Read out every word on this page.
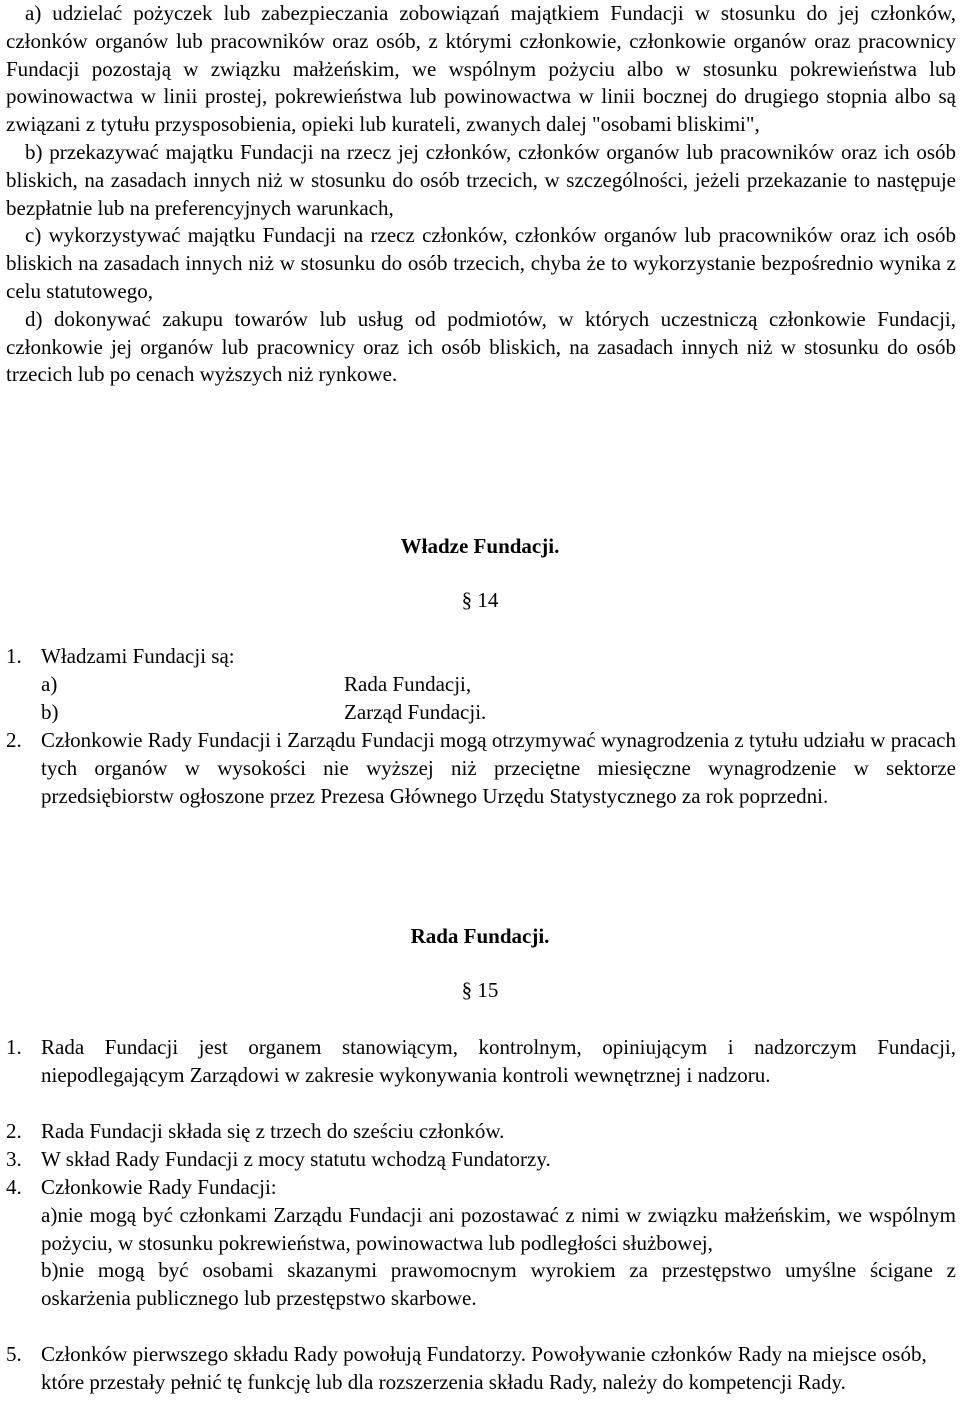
a) udzielać pożyczek lub zabezpieczania zobowiązań majątkiem Fundacji w stosunku do jej członków, członków organów lub pracowników oraz osób, z którymi członkowie, członkowie organów oraz pracownicy Fundacji pozostają w związku małżeńskim, we wspólnym pożyciu albo w stosunku pokrewieństwa lub powinowactwa w linii prostej, pokrewieństwa lub powinowactwa w linii bocznej do drugiego stopnia albo są związani z tytułu przysposobienia, opieki lub kurateli, zwanych dalej "osobami bliskimi",

b) przekazywać majątku Fundacji na rzecz jej członków, członków organów lub pracowników oraz ich osób bliskich, na zasadach innych niż w stosunku do osób trzecich, w szczególności, jeżeli przekazanie to następuje bezpłatnie lub na preferencyjnych warunkach,

c) wykorzystywać majątku Fundacji na rzecz członków, członków organów lub pracowników oraz ich osób bliskich na zasadach innych niż w stosunku do osób trzecich, chyba że to wykorzystanie bezpośrednio wynika z celu statutowego,

d) dokonywać zakupu towarów lub usług od podmiotów, w których uczestniczą członkowie Fundacji, członkowie jej organów lub pracownicy oraz ich osób bliskich, na zasadach innych niż w stosunku do osób trzecich lub po cenach wyższych niż rynkowe.

Władze Fundacji.
§ 14
1. Władzami Fundacji są:

a)	Rada Fundacji,
b)	Zarząd Fundacji.
2. Członkowie Rady Fundacji i Zarządu Fundacji mogą otrzymywać wynagrodzenia z tytułu udziału w pracach tych organów w wysokości nie wyższej niż przeciętne miesięczne wynagrodzenie w sektorze przedsiębiorstw ogłoszone przez Prezesa Głównego Urzędu Statystycznego za rok poprzedni.

Rada Fundacji.
§ 15
1. Rada Fundacji jest organem stanowiącym, kontrolnym, opiniującym i nadzorczym Fundacji, niepodlegającym Zarządowi w zakresie wykonywania kontroli wewnętrznej i nadzoru.

2. Rada Fundacji składa się z trzech do sześciu członków.

3. W skład Rady Fundacji z mocy statutu wchodzą Fundatorzy.

4. Członkowie Rady Fundacji:

a)nie mogą być członkami Zarządu Fundacji ani pozostawać z nimi w związku małżeńskim, we wspólnym pożyciu, w stosunku pokrewieństwa, powinowactwa lub podległości służbowej,

b)nie mogą być osobami skazanymi prawomocnym wyrokiem za przestępstwo umyślne ścigane z oskarżenia publicznego lub przestępstwo skarbowe.

5. Członków pierwszego składu Rady powołują Fundatorzy. Powoływanie członków Rady na miejsce osób, które przestały pełnić tę funkcję lub dla rozszerzenia składu Rady, należy do kompetencji Rady.
